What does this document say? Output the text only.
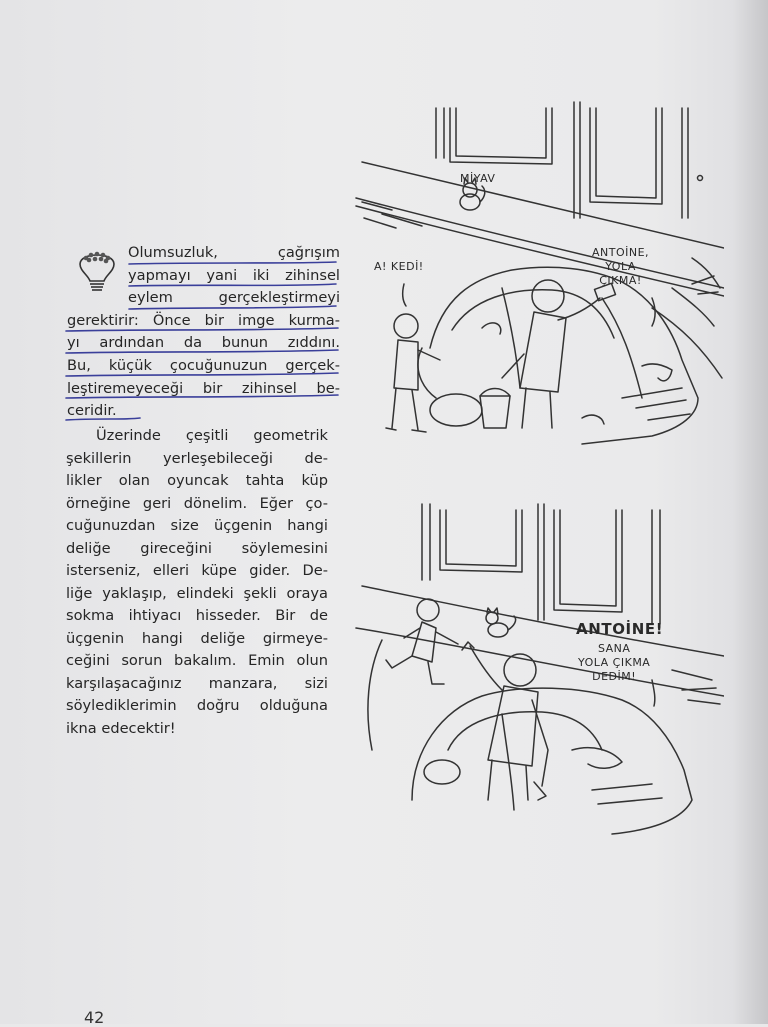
Olumsuzluk, çağrışım
yapmayı yani iki zihinsel
eylem gerçekleştirmeyi
gerektirir: Önce bir imge kurma-
yı ardından da bunun zıddını.
Bu, küçük çocuğunuzun gerçek-
leştiremeyeceği bir zihinsel be-
ceridir.
Üzerinde çeşitli geometrik
şekillerin yerleşebileceği de-
likler olan oyuncak tahta küp
örneğine geri dönelim. Eğer ço-
cuğunuzdan size üçgenin hangi
deliğe gireceğini söylemesini
isterseniz, elleri küpe gider. De-
liğe yaklaşıp, elindeki şekli oraya
sokma ihtiyacı hisseder. Bir de
üçgenin hangi deliğe girmeye-
ceğini sorun bakalım. Emin olun
karşılaşacağınız manzara, sizi
söylediklerimin doğru olduğuna
ikna edecektir!
MİYAV
A! KEDİ!
ANTOİNE,
YOLA
ÇIKMA!
ANTOİNE!
SANA
YOLA ÇIKMA
DEDİM!
42
